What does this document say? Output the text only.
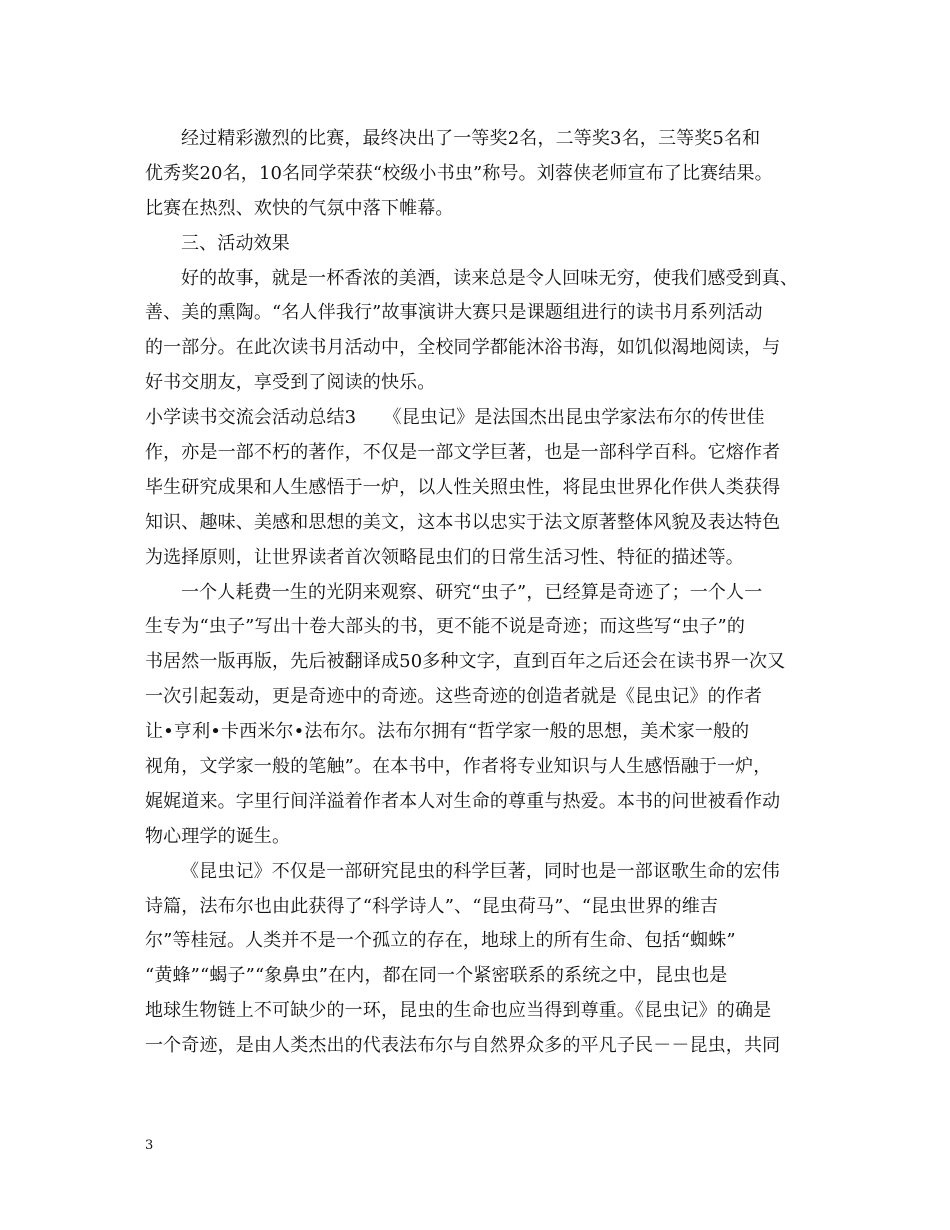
经过精彩激烈的比赛，最终决出了一等奖2名，二等奖3名，三等奖5名和
优秀奖20名，10名同学荣获“校级小书虫”称号。刘蓉侠老师宣布了比赛结果。
比赛在热烈、欢快的气氛中落下帷幕。
三、活动效果
好的故事，就是一杯香浓的美酒，读来总是令人回味无穷，使我们感受到真、
善、美的熏陶。“名人伴我行”故事演讲大赛只是课题组进行的读书月系列活动
的一部分。在此次读书月活动中，全校同学都能沐浴书海，如饥似渴地阅读，与
好书交朋友，享受到了阅读的快乐。
小学读书交流会活动总结3　　《昆虫记》是法国杰出昆虫学家法布尔的传世佳
作，亦是一部不朽的著作，不仅是一部文学巨著，也是一部科学百科。它熔作者
毕生研究成果和人生感悟于一炉，以人性关照虫性，将昆虫世界化作供人类获得
知识、趣味、美感和思想的美文，这本书以忠实于法文原著整体风貌及表达特色
为选择原则，让世界读者首次领略昆虫们的日常生活习性、特征的描述等。
一个人耗费一生的光阴来观察、研究“虫子”，已经算是奇迹了；一个人一
生专为“虫子”写出十卷大部头的书，更不能不说是奇迹；而这些写“虫子”的
书居然一版再版，先后被翻译成50多种文字，直到百年之后还会在读书界一次又
一次引起轰动，更是奇迹中的奇迹。这些奇迹的创造者就是《昆虫记》的作者
让•亨利•卡西米尔•法布尔。法布尔拥有“哲学家一般的思想，美术家一般的
视角，文学家一般的笔触”。在本书中，作者将专业知识与人生感悟融于一炉，
娓娓道来。字里行间洋溢着作者本人对生命的尊重与热爱。本书的问世被看作动
物心理学的诞生。
《昆虫记》不仅是一部研究昆虫的科学巨著，同时也是一部讴歌生命的宏伟
诗篇，法布尔也由此获得了“科学诗人”、“昆虫荷马”、“昆虫世界的维吉
尔”等桂冠。人类并不是一个孤立的存在，地球上的所有生命、包括“蜘蛛”
“黄蜂”“蝎子”“象鼻虫”在内，都在同一个紧密联系的系统之中，昆虫也是
地球生物链上不可缺少的一环，昆虫的生命也应当得到尊重。《昆虫记》的确是
一个奇迹，是由人类杰出的代表法布尔与自然界众多的平凡子民－－昆虫，共同
3
